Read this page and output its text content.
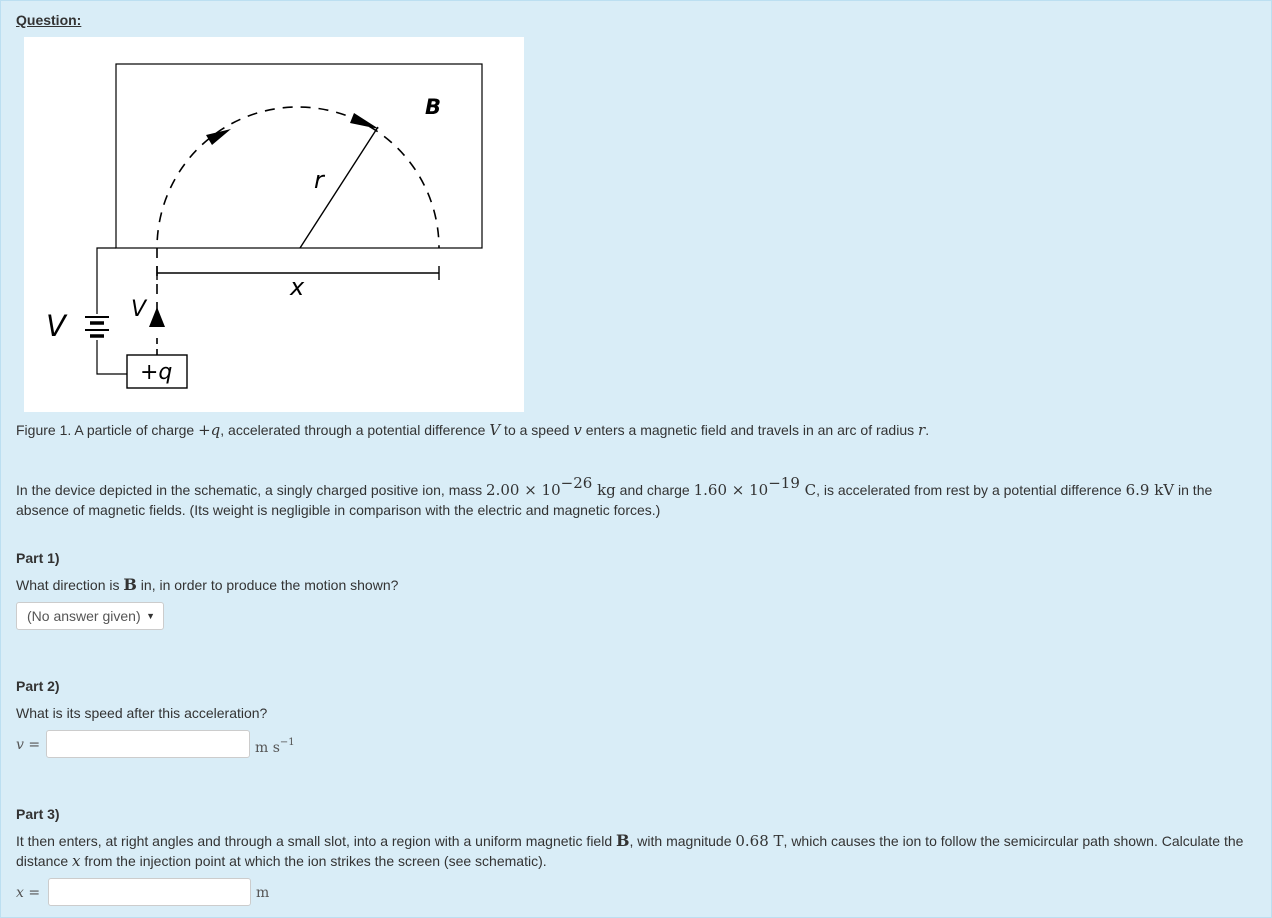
Question:
B
r
x
V	V
+q
Figure 1. A particle of charge +q, accelerated through a potential difference V to a speed v enters a magnetic field and travels in an arc of radius r.
In the device depicted in the schematic, a singly charged positive ion, mass $2.00 \times 10^{-26}$ kg and charge $1.60 \times 10^{-19}$ C, is accelerated from rest by a potential difference 6.9 kV in the absence of magnetic fields. (Its weight is negligible in comparison with the electric and magnetic forces.)
Part 1)
What direction is B in, in order to produce the motion shown?
(No answer given) ▼
Part 2)
What is its speed after this acceleration?
v =	m $s^{-1}$
Part 3)
It then enters, at right angles and through a small slot, into a region with a uniform magnetic field B, with magnitude 0.68 T, which causes the ion to follow the semicircular path shown. Calculate the distance x from the injection point at which the ion strikes the screen (see schematic).
x =	m
